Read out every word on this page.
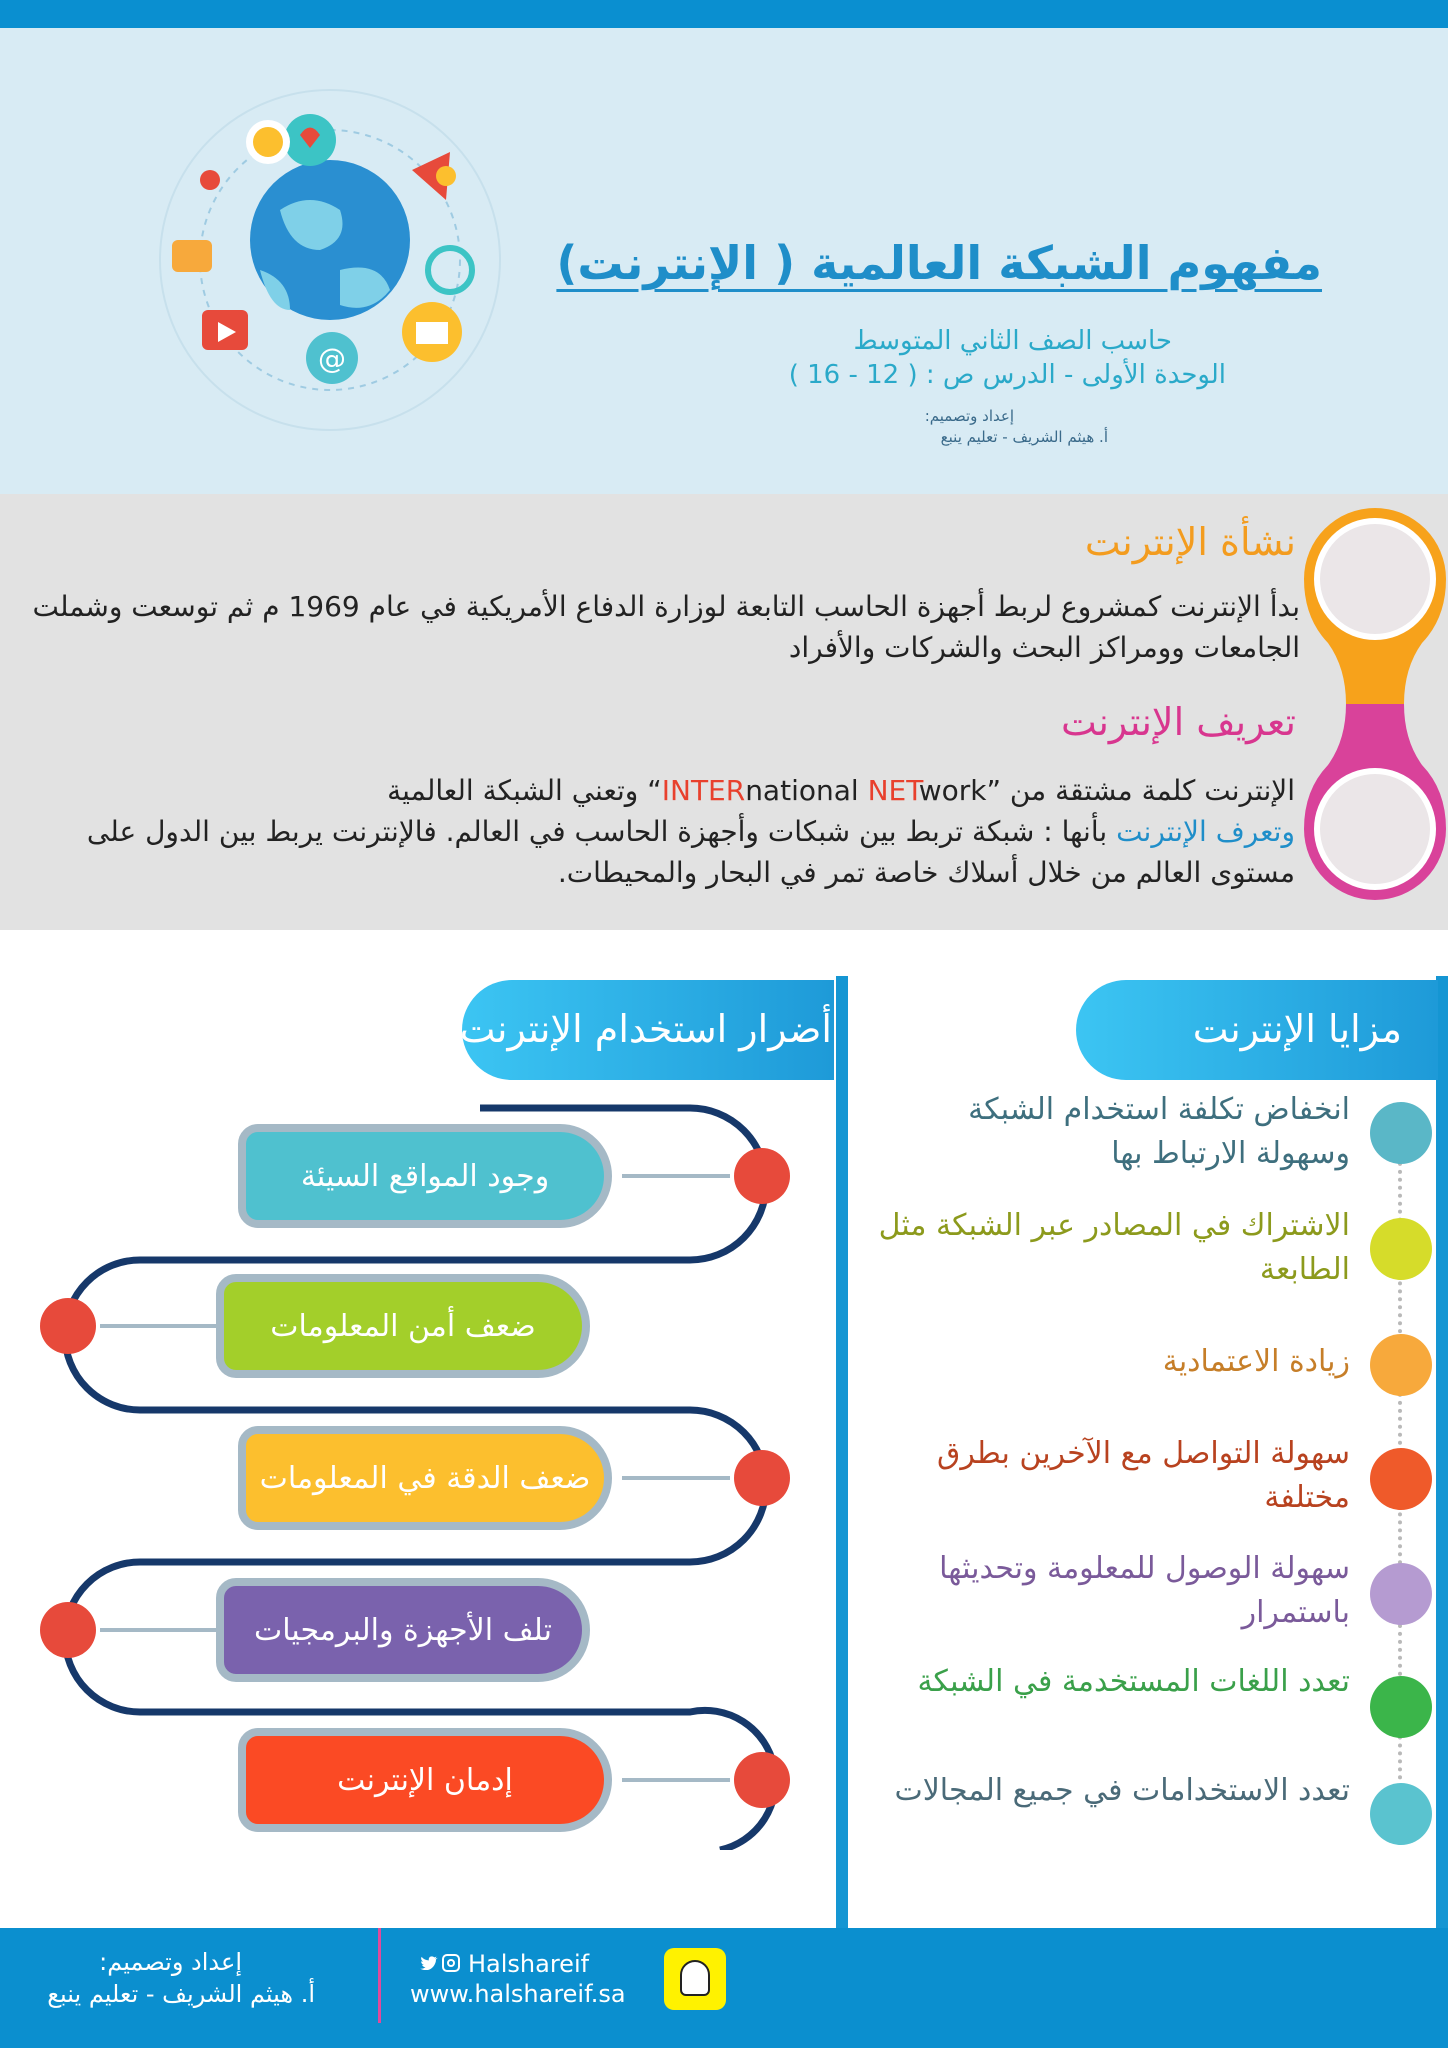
@
مفهوم الشبكة العالمية ( الإنترنت)
حاسب الصف الثاني المتوسط
الوحدة الأولى - الدرس ص : ( 12 - 16 )
إعداد وتصميم:
أ. هيثم الشريف - تعليم ينبع
نشأة الإنترنت
بدأ الإنترنت كمشروع لربط أجهزة الحاسب التابعة لوزارة الدفاع الأمريكية في عام 1969 م ثم توسعت وشملت الجامعات وومراكز البحث والشركات والأفراد
تعريف الإنترنت
الإنترنت كلمة مشتقة من ”INTERnational NETwork“ وتعني الشبكة العالمية
وتعرف الإنترنت بأنها : شبكة تربط بين شبكات وأجهزة الحاسب في العالم. فالإنترنت يربط بين الدول على مستوى العالم من خلال أسلاك خاصة تمر في البحار والمحيطات.
مزايا الإنترنت
انخفاض تكلفة استخدام الشبكة وسهولة الارتباط بها
الاشتراك في المصادر عبر الشبكة مثل الطابعة
زيادة الاعتمادية
سهولة التواصل مع الآخرين بطرق مختلفة
سهولة الوصول للمعلومة وتحديثها باستمرار
تعدد اللغات المستخدمة في الشبكة
تعدد الاستخدامات في جميع المجالات
أضرار استخدام الإنترنت
وجود المواقع السيئة
ضعف أمن المعلومات
ضعف الدقة في المعلومات
تلف الأجهزة والبرمجيات
إدمان الإنترنت
إعداد وتصميم:
أ. هيثم الشريف - تعليم ينبع
Halshareif
www.halshareif.sa
